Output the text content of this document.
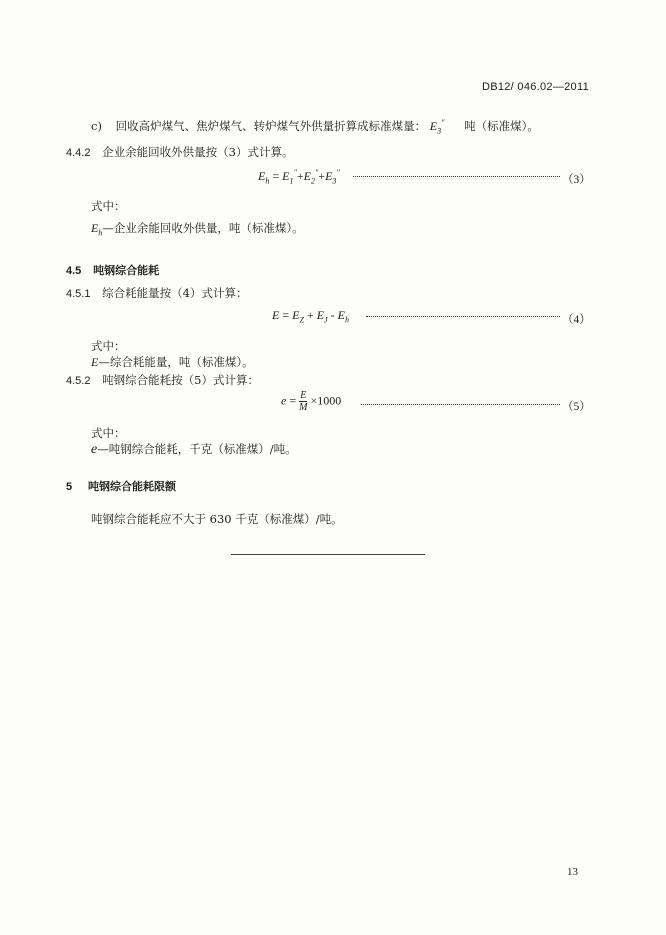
DB12/ 046.02—2011
c) 回收高炉煤气、焦炉煤气、转炉煤气外供量折算成标准煤量： $E_3''$ 吨（标准煤）。
4.4.2 企业余能回收外供量按（3）式计算。
$E_h = E_1''+E_2''+E_3''$
（3）
式中：
$E_h—$企业余能回收外供量，吨（标准煤）。
4.5 吨钢综合能耗
4.5.1 综合耗能量按（4）式计算：
$E = E_Z + E_J - E_h$	（4）
式中：
E—综合耗能量，吨（标准煤）。
4.5.2 吨钢综合能耗按（5）式计算：
$e = \frac{E}{M} \times 1000$	（5）
式中：
e—吨钢综合能耗，千克（标准煤）/吨。
5 吨钢综合能耗限额
吨钢综合能耗应不大于 630 千克（标准煤）/吨。
13
